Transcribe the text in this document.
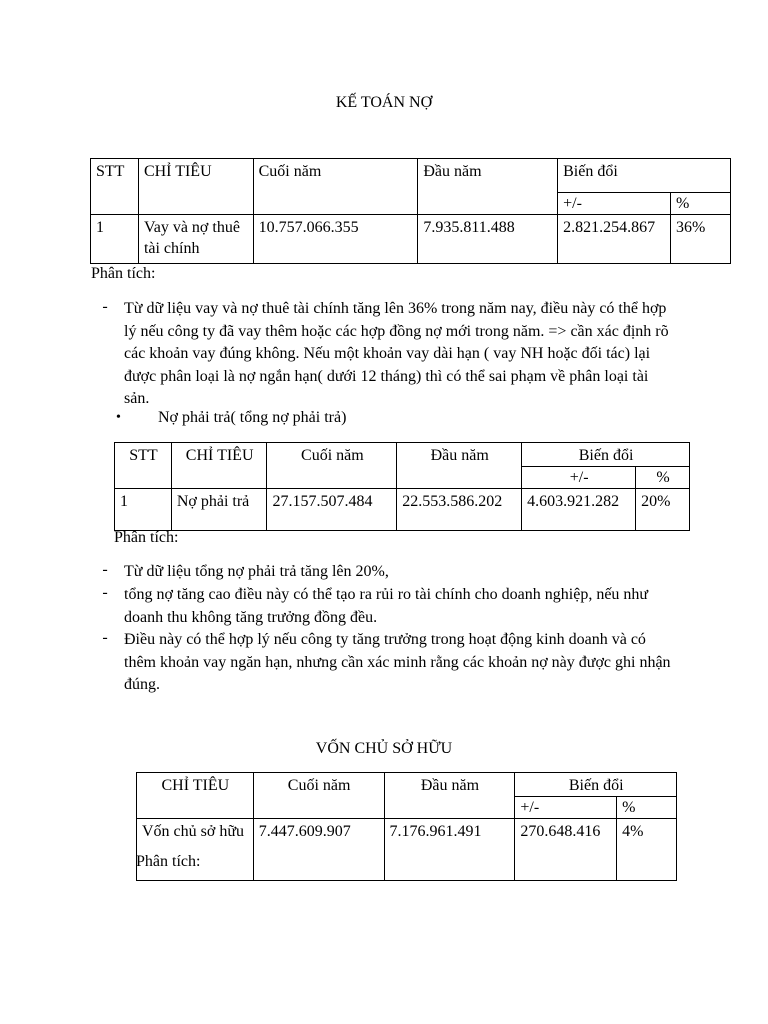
KẾ TOÁN NỢ
STT	CHỈ TIÊU	Cuối năm	Đầu năm	Biến đổi	
				+/-	%
1	Vay và nợ thuê tài chính	10.757.066.355	7.935.811.488	2.821.254.867	36%
Phân tích:
- Từ dữ liệu vay và nợ thuê tài chính tăng lên 36% trong năm nay, điều này có thể hợp lý nếu công ty đã vay thêm hoặc các hợp đồng nợ mới trong năm. => cần xác định rõ các khoản vay đúng không. Nếu một khoản vay dài hạn ( vay NH hoặc đối tác) lại được phân loại là nợ ngắn hạn( dưới 12 tháng) thì có thể sai phạm về phân loại tài sản.
• Nợ phải trả( tổng nợ phải trả)
STT	CHỈ TIÊU	Cuối năm	Đầu năm	Biến đổi	
				+/-	%
1	Nợ phải trả	27.157.507.484	22.553.586.202	4.603.921.282	20%
Phân tích:
- Từ dữ liệu tổng nợ phải trả tăng lên 20%,
- tổng nợ tăng cao điều này có thể tạo ra rủi ro tài chính cho doanh nghiệp, nếu như doanh thu không tăng trưởng đồng đều.
- Điều này có thể hợp lý nếu công ty tăng trưởng trong hoạt động kinh doanh và có thêm khoản vay ngăn hạn, nhưng cần xác minh rằng các khoản nợ này được ghi nhận đúng.
VỐN CHỦ SỞ HỮU
CHỈ TIÊU	Cuối năm	Đầu năm	Biến đổi	
			+/-	%
Vốn chủ sở hữu	7.447.609.907	7.176.961.491	270.648.416	4%
Phân tích:
